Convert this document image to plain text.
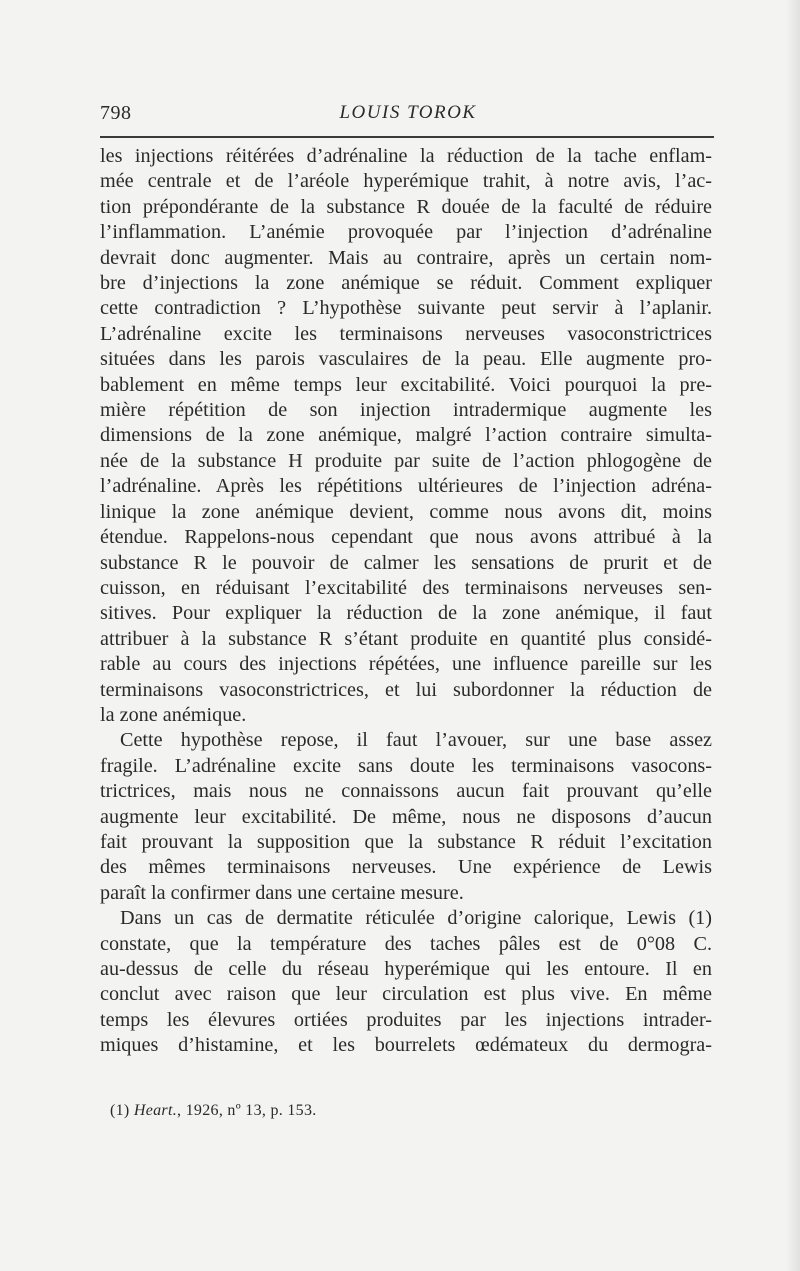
798	LOUIS TOROK

les injections réitérées d’adrénaline la réduction de la tache enflam-

mée centrale et de l’aréole hyperémique trahit, à notre avis, l’ac-

tion prépondérante de la substance R douée de la faculté de réduire

l’inflammation. L’anémie provoquée par l’injection d’adrénaline

devrait donc augmenter. Mais au contraire, après un certain nom-

bre d’injections la zone anémique se réduit. Comment expliquer

cette contradiction ? L’hypothèse suivante peut servir à l’aplanir.

L’adrénaline excite les terminaisons nerveuses vasoconstrictrices

situées dans les parois vasculaires de la peau. Elle augmente pro-

bablement en même temps leur excitabilité. Voici pourquoi la pre-

mière répétition de son injection intradermique augmente les

dimensions de la zone anémique, malgré l’action contraire simulta-

née de la substance H produite par suite de l’action phlogogène de

l’adrénaline. Après les répétitions ultérieures de l’injection adréna-

linique la zone anémique devient, comme nous avons dit, moins

étendue. Rappelons-nous cependant que nous avons attribué à la

substance R le pouvoir de calmer les sensations de prurit et de

cuisson, en réduisant l’excitabilité des terminaisons nerveuses sen-

sitives. Pour expliquer la réduction de la zone anémique, il faut

attribuer à la substance R s’étant produite en quantité plus considé-

rable au cours des injections répétées, une influence pareille sur les

terminaisons vasoconstrictrices, et lui subordonner la réduction de

la zone anémique.

Cette hypothèse repose, il faut l’avouer, sur une base assez

fragile. L’adrénaline excite sans doute les terminaisons vasocons-

trictrices, mais nous ne connaissons aucun fait prouvant qu’elle

augmente leur excitabilité. De même, nous ne disposons d’aucun

fait prouvant la supposition que la substance R réduit l’excitation

des mêmes terminaisons nerveuses. Une expérience de Lewis

paraît la confirmer dans une certaine mesure.

Dans un cas de dermatite réticulée d’origine calorique, Lewis (1)

constate, que la température des taches pâles est de 0°08 C.

au-dessus de celle du réseau hyperémique qui les entoure. Il en

conclut avec raison que leur circulation est plus vive. En même

temps les élevures ortiées produites par les injections intrader-

miques d’histamine, et les bourrelets œdémateux du dermogra-

(1) Heart., 1926, nº 13, p. 153.
